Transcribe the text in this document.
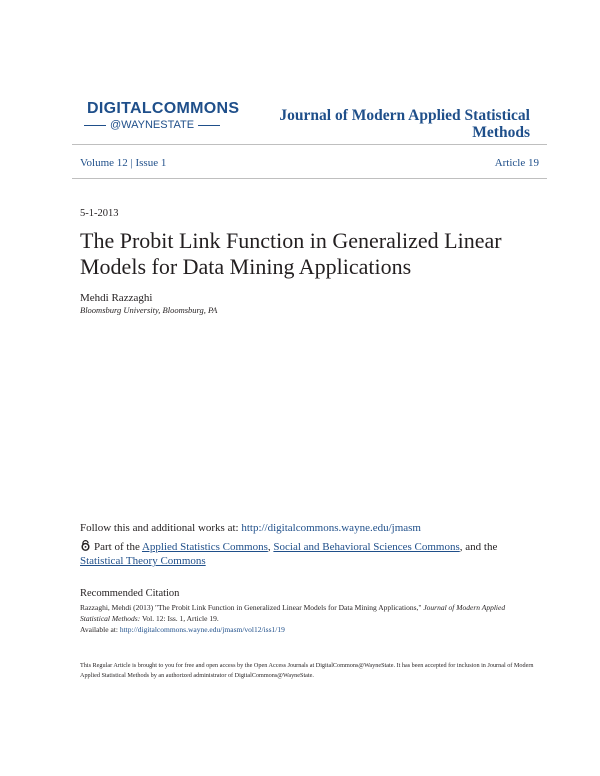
DIGITALCOMMONS
@WAYNESTATE
Journal of Modern Applied Statistical Methods
Volume 12 | Issue 1	Article 19
5-1-2013
The Probit Link Function in Generalized Linear Models for Data Mining Applications
Mehdi Razzaghi
Bloomsburg University, Bloomsburg, PA
Follow this and additional works at: http://digitalcommons.wayne.edu/jmasm
Part of the Applied Statistics Commons, Social and Behavioral Sciences Commons, and the Statistical Theory Commons
Recommended Citation
Razzaghi, Mehdi (2013) "The Probit Link Function in Generalized Linear Models for Data Mining Applications," Journal of Modern Applied Statistical Methods: Vol. 12: Iss. 1, Article 19.
Available at: http://digitalcommons.wayne.edu/jmasm/vol12/iss1/19
This Regular Article is brought to you for free and open access by the Open Access Journals at DigitalCommons@WayneState. It has been accepted for inclusion in Journal of Modern Applied Statistical Methods by an authorized administrator of DigitalCommons@WayneState.
